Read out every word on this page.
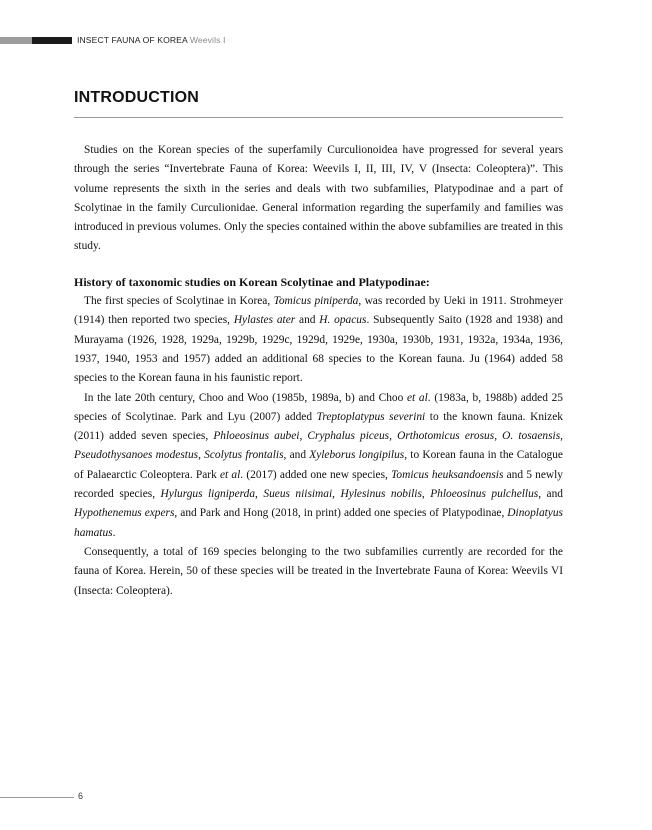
INSECT FAUNA OF KOREA Weevils Ⅰ
INTRODUCTION

Studies on the Korean species of the superfamily Curculionoidea have progressed for several years through the series “Invertebrate Fauna of Korea: Weevils I, II, III, IV, V (Insecta: Coleoptera)”. This volume represents the sixth in the series and deals with two subfamilies, Platypodinae and a part of Scolytinae in the family Curculionidae. General information regarding the superfamily and families was introduced in previous volumes. Only the species contained within the above subfamilies are treated in this study.

History of taxonomic studies on Korean Scolytinae and Platypodinae:

The first species of Scolytinae in Korea, Tomicus piniperda, was recorded by Ueki in 1911. Strohmeyer (1914) then reported two species, Hylastes ater and H. opacus. Subsequently Saito (1928 and 1938) and Murayama (1926, 1928, 1929a, 1929b, 1929c, 1929d, 1929e, 1930a, 1930b, 1931, 1932a, 1934a, 1936, 1937, 1940, 1953 and 1957) added an additional 68 species to the Korean fauna. Ju (1964) added 58 species to the Korean fauna in his faunistic report.

In the late 20th century, Choo and Woo (1985b, 1989a, b) and Choo et al. (1983a, b, 1988b) added 25 species of Scolytinae. Park and Lyu (2007) added Treptoplatypus severini to the known fauna. Knizek (2011) added seven species, Phloeosinus aubei, Cryphalus piceus, Orthotomicus erosus, O. tosaensis, Pseudothysanoes modestus, Scolytus frontalis, and Xyleborus longipilus, to Korean fauna in the Catalogue of Palaearctic Coleoptera. Park et al. (2017) added one new species, Tomicus heuksandoensis and 5 newly recorded species, Hylurgus ligniperda, Sueus niisimai, Hylesinus nobilis, Phloeosinus pulchellus, and Hypothenemus expers, and Park and Hong (2018, in print) added one species of Platypodinae, Dinoplatyus hamatus.

Consequently, a total of 169 species belonging to the two subfamilies currently are recorded for the fauna of Korea. Herein, 50 of these species will be treated in the Invertebrate Fauna of Korea: Weevils VI (Insecta: Coleoptera).

6
